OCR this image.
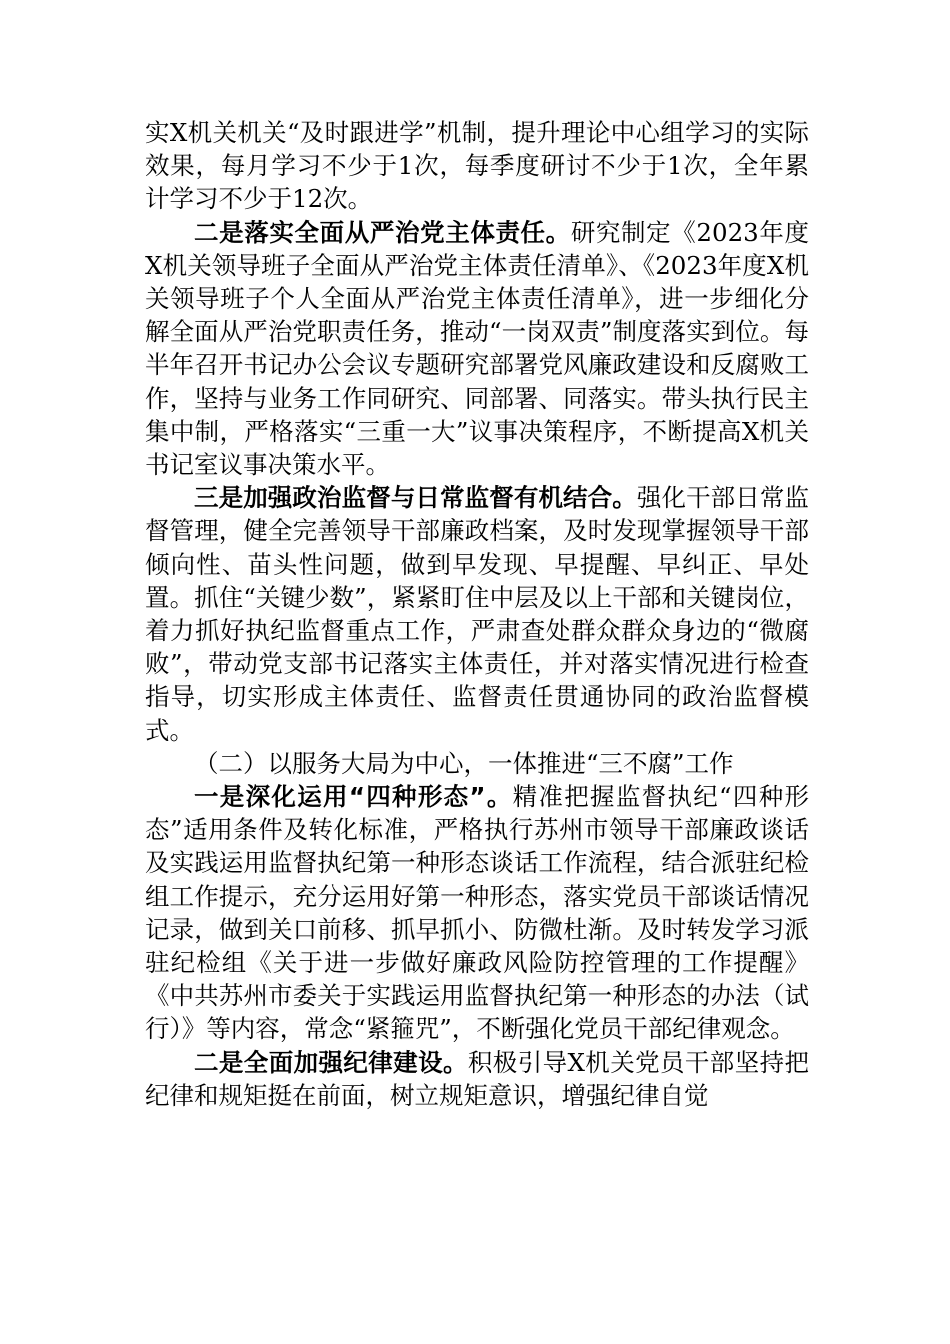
实X机关机关“及时跟进学”机制，提升理论中心组学习的实际效果，每月学习不少于1次，每季度研讨不少于1次，全年累计学习不少于12次。

二是落实全面从严治党主体责任。研究制定《2023年度X机关领导班子全面从严治党主体责任清单》、《2023年度X机关领导班子个人全面从严治党主体责任清单》，进一步细化分解全面从严治党职责任务，推动“一岗双责”制度落实到位。每半年召开书记办公会议专题研究部署党风廉政建设和反腐败工作，坚持与业务工作同研究、同部署、同落实。带头执行民主集中制，严格落实“三重一大”议事决策程序，不断提高X机关书记室议事决策水平。

三是加强政治监督与日常监督有机结合。强化干部日常监督管理，健全完善领导干部廉政档案，及时发现掌握领导干部倾向性、苗头性问题，做到早发现、早提醒、早纠正、早处置。抓住“关键少数”，紧紧盯住中层及以上干部和关键岗位，着力抓好执纪监督重点工作，严肃查处群众群众身边的“微腐败”，带动党支部书记落实主体责任，并对落实情况进行检查指导，切实形成主体责任、监督责任贯通协同的政治监督模式。

（二）以服务大局为中心，一体推进“三不腐”工作

一是深化运用“四种形态”。精准把握监督执纪“四种形态”适用条件及转化标准，严格执行苏州市领导干部廉政谈话及实践运用监督执纪第一种形态谈话工作流程，结合派驻纪检组工作提示，充分运用好第一种形态，落实党员干部谈话情况记录，做到关口前移、抓早抓小、防微杜渐。及时转发学习派驻纪检组《关于进一步做好廉政风险防控管理的工作提醒》《中共苏州市委关于实践运用监督执纪第一种形态的办法（试行）》等内容，常念“紧箍咒”，不断强化党员干部纪律观念。

二是全面加强纪律建设。积极引导X机关党员干部坚持把纪律和规矩挺在前面，树立规矩意识，增强纪律自觉
